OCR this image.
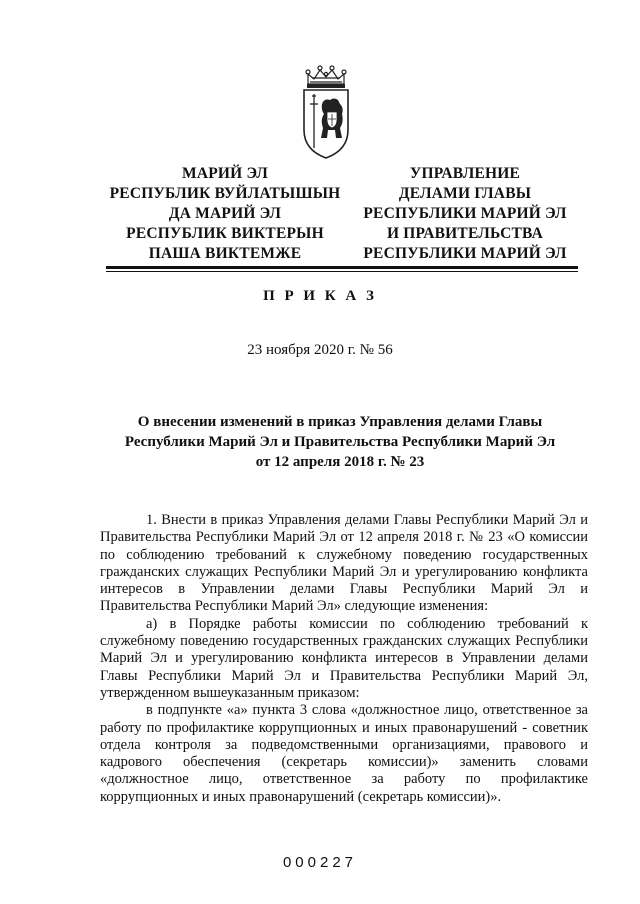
МАРИЙ ЭЛ
РЕСПУБЛИК ВУЙЛАТЫШЫН
ДА МАРИЙ ЭЛ
РЕСПУБЛИК ВИКТЕРЫН
ПАША ВИКТЕМЖЕ
УПРАВЛЕНИЕ
ДЕЛАМИ ГЛАВЫ
РЕСПУБЛИКИ МАРИЙ ЭЛ
И ПРАВИТЕЛЬСТВА
РЕСПУБЛИКИ МАРИЙ ЭЛ
П Р И К А З
23 ноября 2020 г. № 56
О внесении изменений в приказ Управления делами Главы
Республики Марий Эл и Правительства Республики Марий Эл
от 12 апреля 2018 г. № 23

1. Внести в приказ Управления делами Главы Республики Марий Эл и Правительства Республики Марий Эл от 12 апреля 2018 г. № 23 «О комиссии по соблюдению требований к служебному поведению государственных гражданских служащих Республики Марий Эл и урегулированию конфликта интересов в Управлении делами Главы Республики Марий Эл и Правительства Республики Марий Эл» следующие изменения:

а) в Порядке работы комиссии по соблюдению требований к служебному поведению государственных гражданских служащих Республики Марий Эл и урегулированию конфликта интересов в Управлении делами Главы Республики Марий Эл и Правительства Республики Марий Эл, утвержденном вышеуказанным приказом:

в подпункте «а» пункта 3 слова «должностное лицо, ответственное за работу по профилактике коррупционных и иных правонарушений - советник отдела контроля за подведомственными организациями, правового и кадрового обеспечения (секретарь комиссии)» заменить словами «должностное лицо, ответственное за работу по профилактике коррупционных и иных правонарушений (секретарь комиссии)».

000227
